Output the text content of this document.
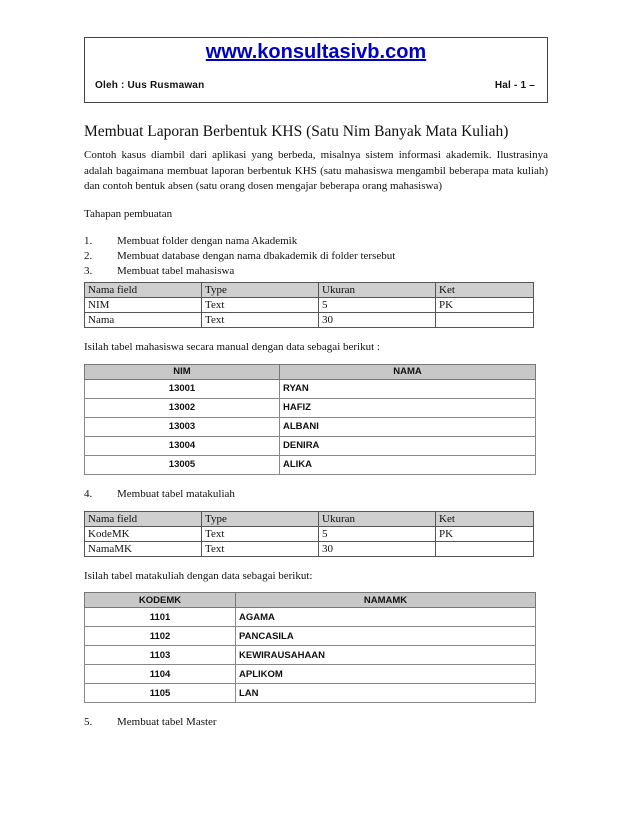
www.konsultasivb.com
Oleh : Uus Rusmawan	Hal - 1 –
Membuat Laporan Berbentuk KHS (Satu Nim Banyak Mata Kuliah)

Contoh kasus diambil dari aplikasi yang berbeda, misalnya sistem informasi akademik. Ilustrasinya adalah bagaimana membuat laporan berbentuk KHS (satu mahasiswa mengambil beberapa mata kuliah) dan contoh bentuk absen (satu orang dosen mengajar beberapa orang mahasiswa)

Tahapan pembuatan

1.	Membuat folder dengan nama Akademik
2.	Membuat database dengan nama dbakademik di folder tersebut
3.	Membuat tabel mahasiswa
Nama field	Type	Ukuran	Ket
NIM	Text	5	PK
Nama	Text	30	

Isilah tabel mahasiswa secara manual dengan data sebagai berikut :

NIM	NAMA
13001	RYAN
13002	HAFIZ
13003	ALBANI
13004	DENIRA
13005	ALIKA
4.	Membuat tabel matakuliah
Nama field	Type	Ukuran	Ket
KodeMK	Text	5	PK
NamaMK	Text	30	

Isilah tabel matakuliah dengan data sebagai berikut:

KODEMK	NAMAMK
1101	AGAMA
1102	PANCASILA
1103	KEWIRAUSAHAAN
1104	APLIKOM
1105	LAN
5.	Membuat tabel Master
